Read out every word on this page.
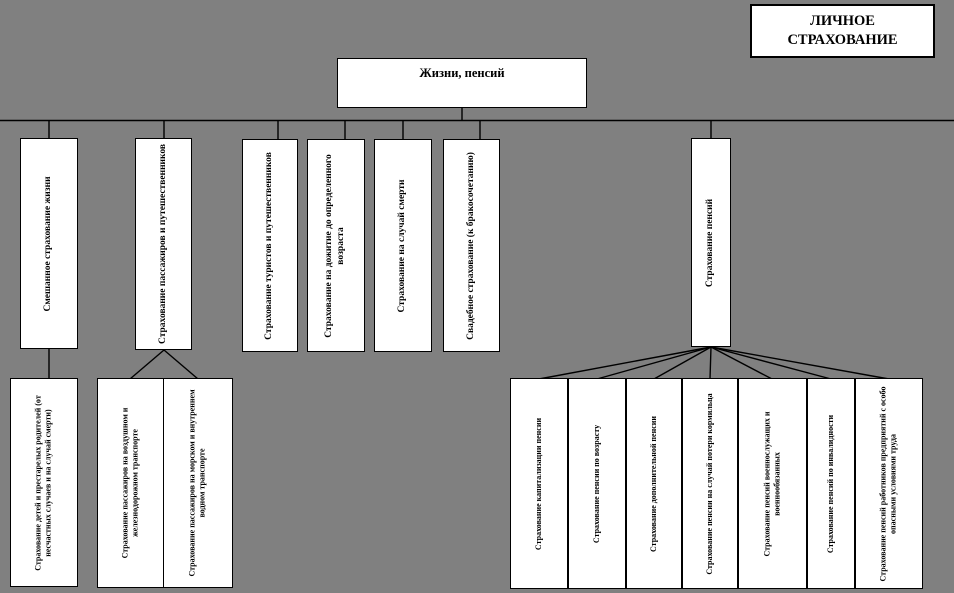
ЛИЧНОЕ СТРАХОВАНИЕ
Жизни, пенсий
Смешанное страхование жизни	Страхование пассажиров и путешественников	Страхование туристов и путешественников	Страхование на дожитие до определенного возраста	Страхование на случай смерти	Свадебное страхование (к бракосочетанию)	Страхование пенсий
Страхование детей и престарелых родителей (от несчастных случаев и на случай смерти)	Страхование пассажиров на воздушном и железнодорожном транспорте	Страхование пассажиров на морском и внутреннем водном транспорте	Страхование капитализации пенсии	Страхование пенсии по возрасту	Страхование дополнительной пенсии	Страхование пенсии на случай потери кормильца	Страхование пенсий военнослужащих и военнообязанных	Страхование пенсий по инвалидности	Страхование пенсий работников предприятий с особо опасными условиями труда
